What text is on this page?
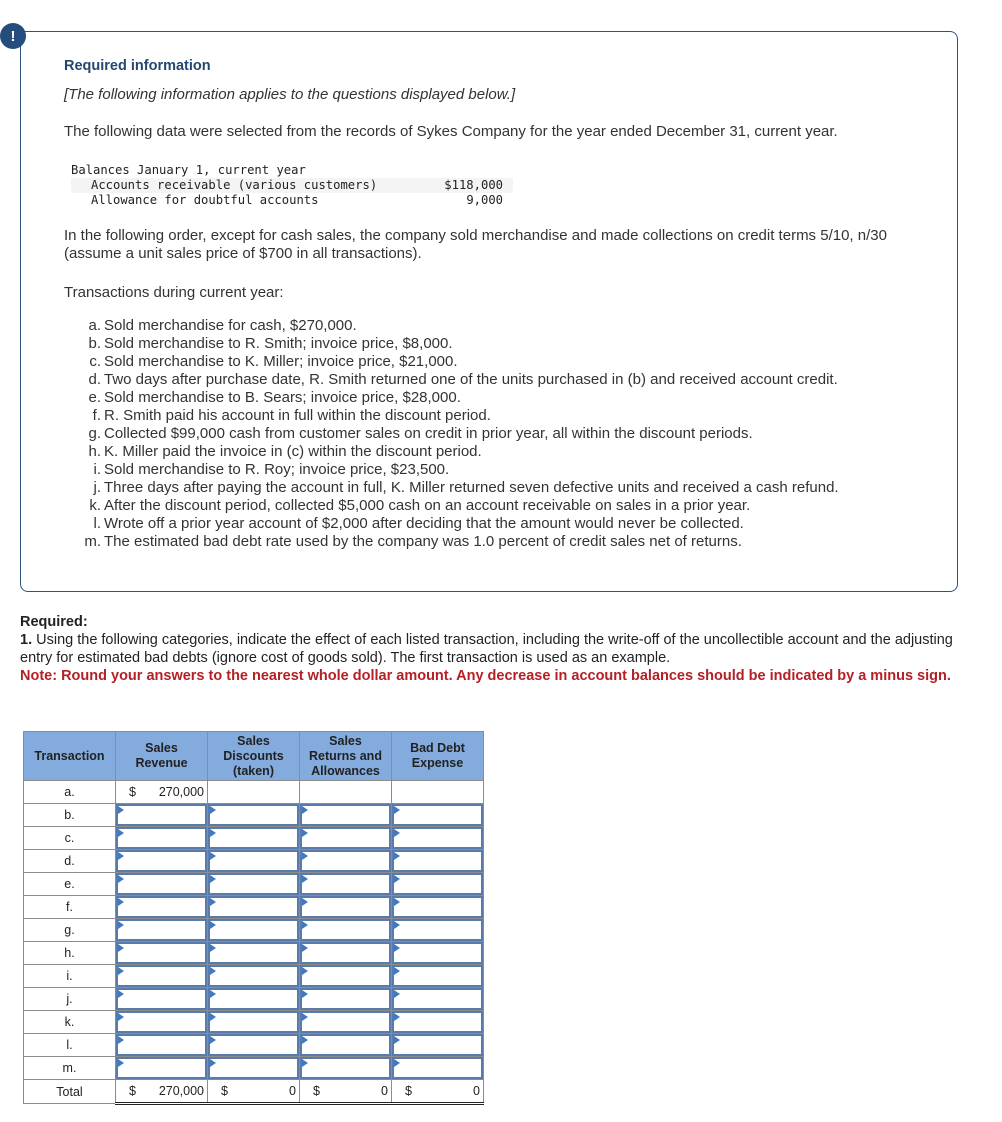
!
Required information
[The following information applies to the questions displayed below.]
The following data were selected from the records of Sykes Company for the year ended December 31, current year.
Balances January 1, current year
Accounts receivable (various customers)	$118,000
Allowance for doubtful accounts	9,000
In the following order, except for cash sales, the company sold merchandise and made collections on credit terms 5/10, n/30 (assume a unit sales price of $700 in all transactions).
Transactions during current year:
a. Sold merchandise for cash, $270,000.
b. Sold merchandise to R. Smith; invoice price, $8,000.
c. Sold merchandise to K. Miller; invoice price, $21,000.
d. Two days after purchase date, R. Smith returned one of the units purchased in (b) and received account credit.
e. Sold merchandise to B. Sears; invoice price, $28,000.
f. R. Smith paid his account in full within the discount period.
g. Collected $99,000 cash from customer sales on credit in prior year, all within the discount periods.
h. K. Miller paid the invoice in (c) within the discount period.
i. Sold merchandise to R. Roy; invoice price, $23,500.
j. Three days after paying the account in full, K. Miller returned seven defective units and received a cash refund.
k. After the discount period, collected $5,000 cash on an account receivable on sales in a prior year.
l. Wrote off a prior year account of $2,000 after deciding that the amount would never be collected.
m. The estimated bad debt rate used by the company was 1.0 percent of credit sales net of returns.
Required:
1. Using the following categories, indicate the effect of each listed transaction, including the write-off of the uncollectible account and the adjusting entry for estimated bad debts (ignore cost of goods sold). The first transaction is used as an example.
Note: Round your answers to the nearest whole dollar amount. Any decrease in account balances should be indicated by a minus sign.
Transaction	Sales Revenue	Sales Discounts (taken)	Sales Returns and Allowances	Bad Debt Expense
a.	$ 270,000			

b.	

c.	

d.	

e.	

f.	

g.	

h.	

i.	

j.	

k.	

l.	

m.	

Total	$ 270,000	$ 0	$ 0	$ 0
